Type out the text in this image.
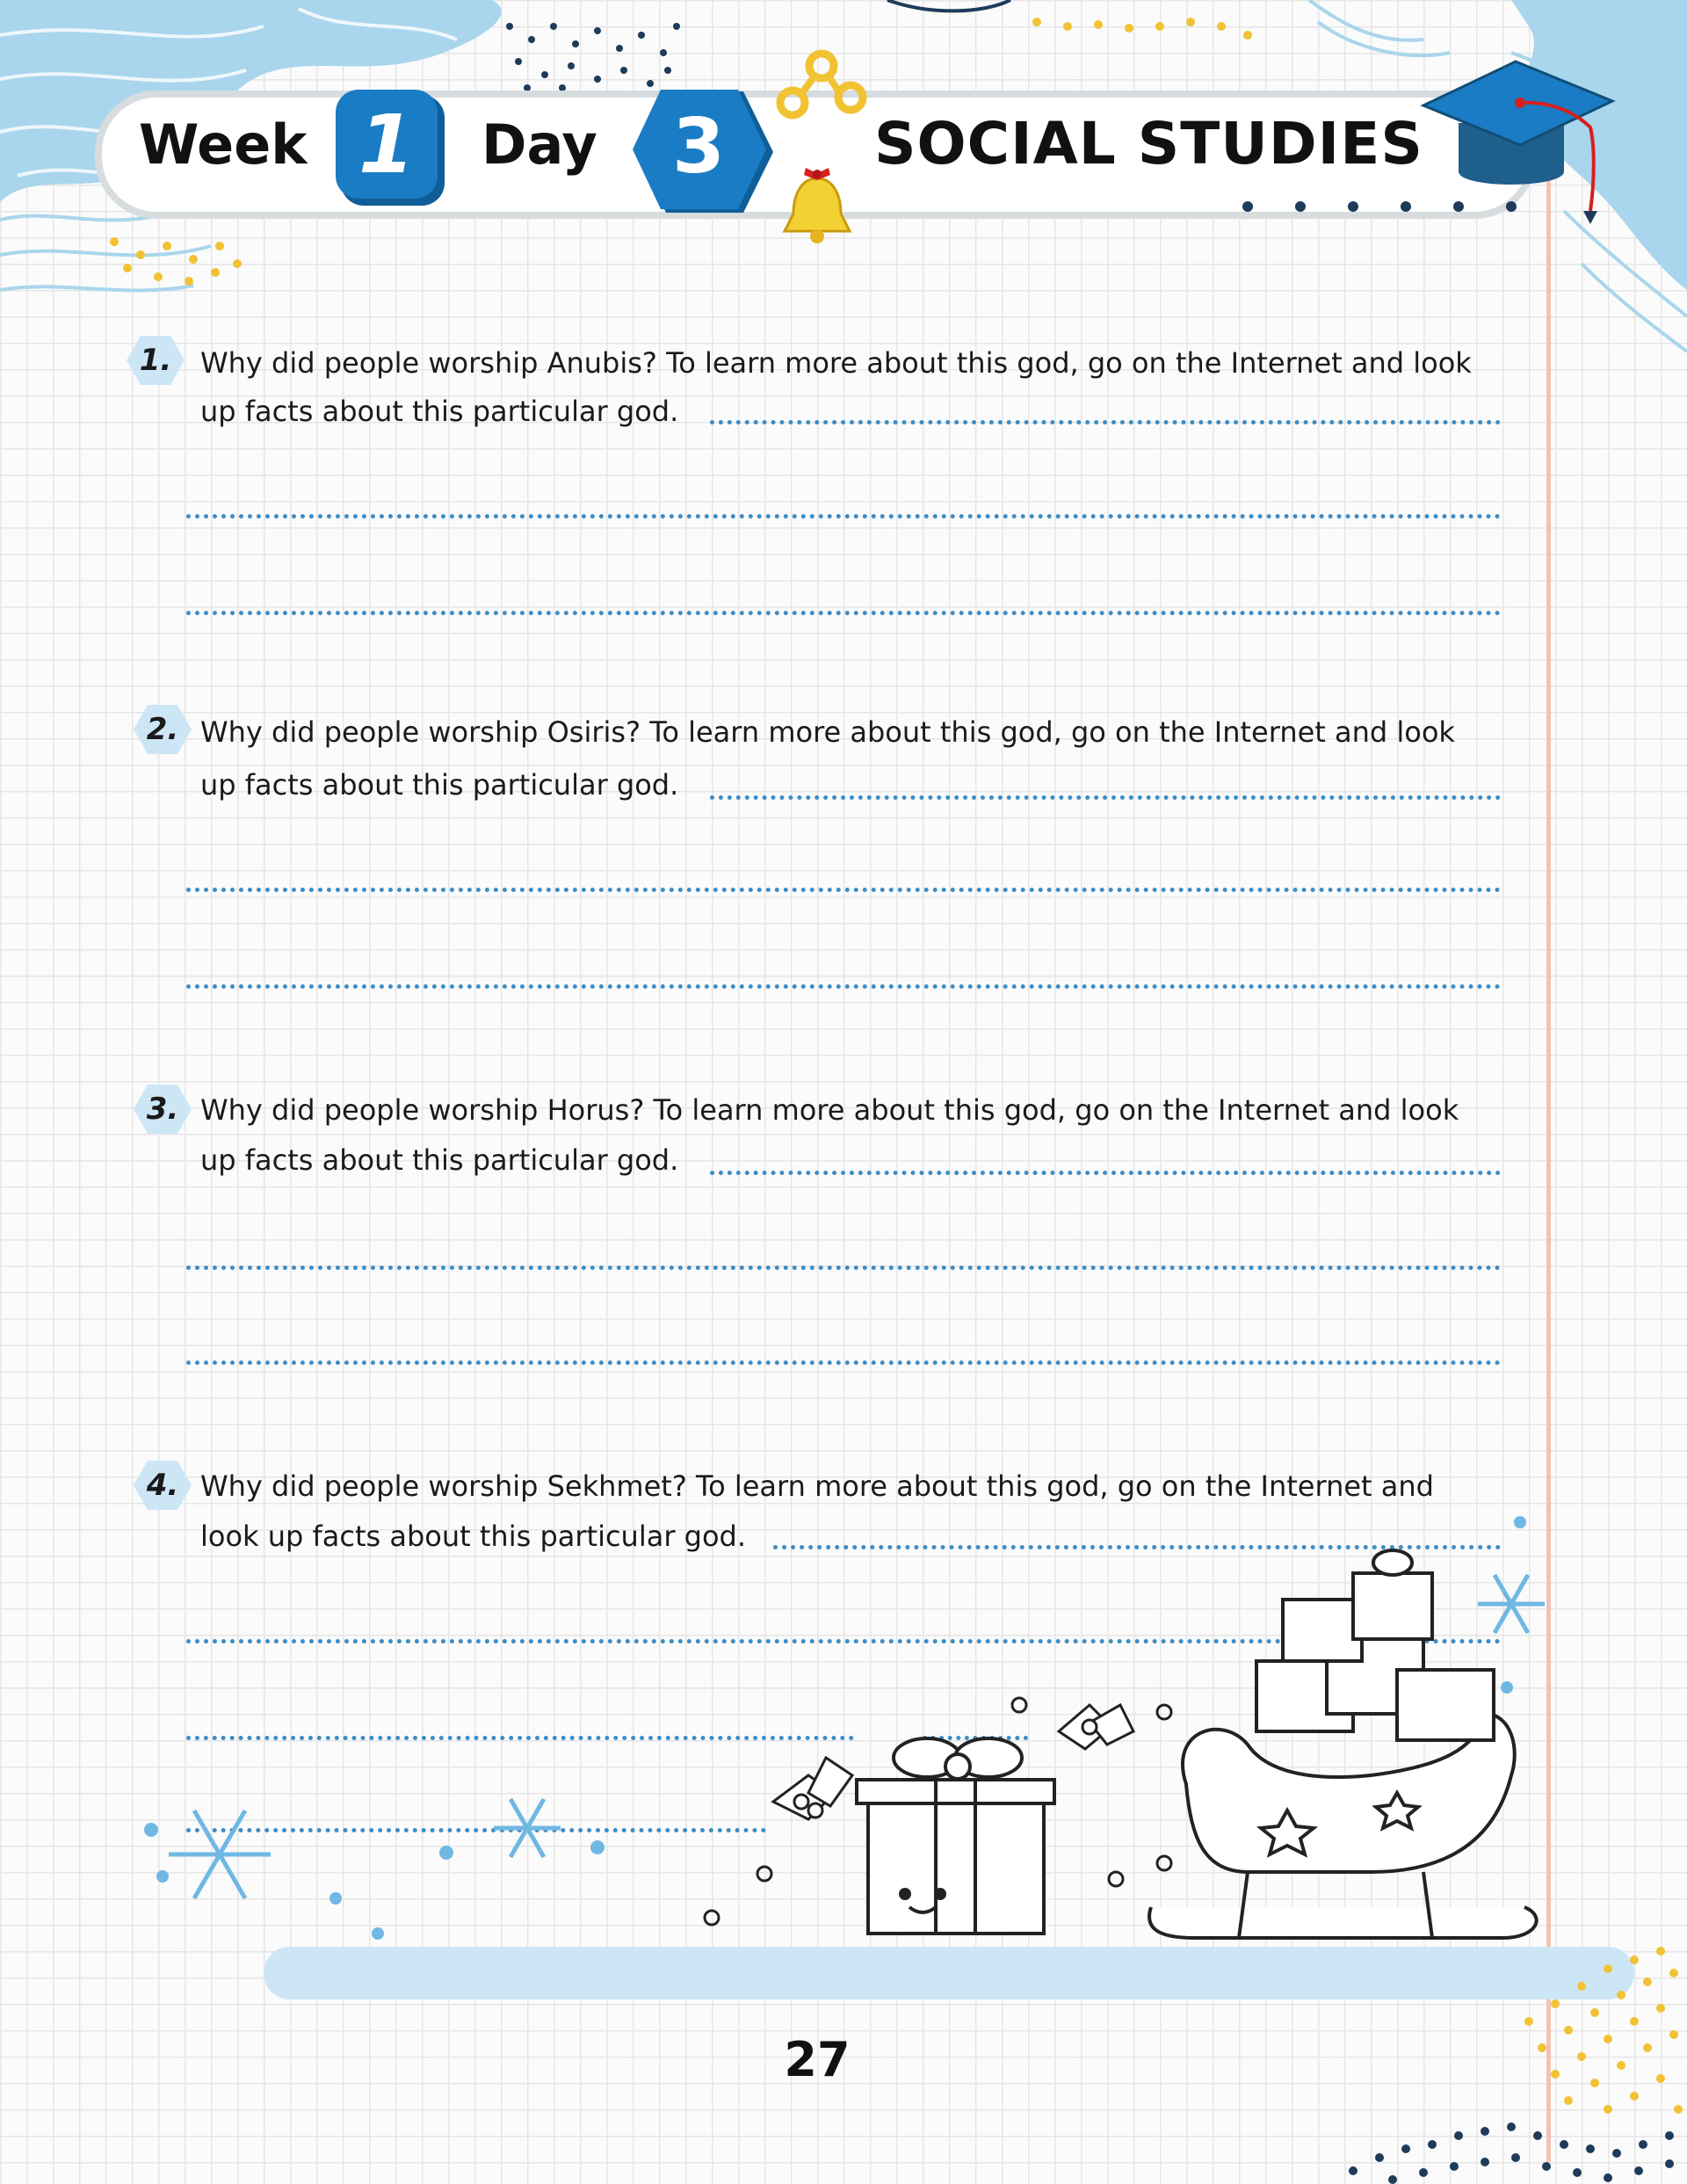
Week 1	Day 3	SOCIAL STUDIES
1.	Why did people worship Anubis? To learn more about this god, go on the Internet and look
up facts about this particular god.
2. Why did people worship Osiris? To learn more about this god, go on the Internet and look
up facts about this particular god.
3. Why did people worship Horus? To learn more about this god, go on the Internet and look
up facts about this particular god.
4. Why did people worship Sekhmet? To learn more about this god, go on the Internet and
look up facts about this particular god.
27
